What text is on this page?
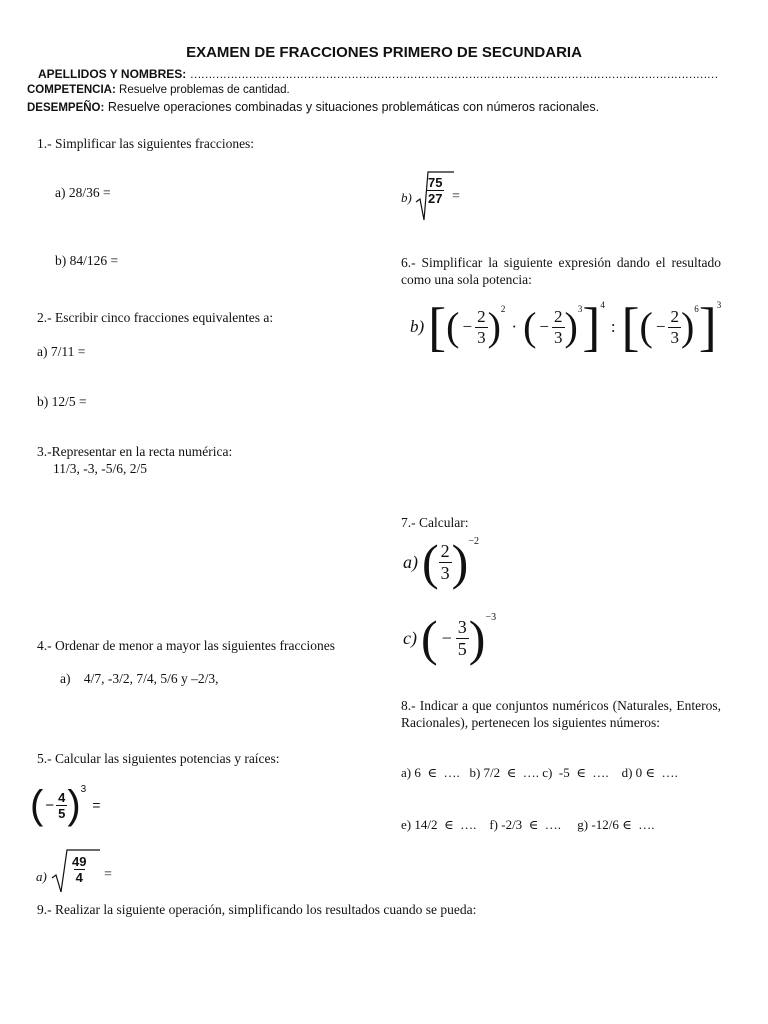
EXAMEN DE FRACCIONES PRIMERO DE SECUNDARIA
APELLIDOS Y NOMBRES: ………………………………………………………………………………………………………………………………
COMPETENCIA: Resuelve problemas de cantidad.
DESEMPEÑO: Resuelve operaciones combinadas y situaciones problemáticas con números racionales.
1.- Simplificar las siguientes fracciones:
a) 28/36 =
b) 84/126 =
2.- Escribir cinco fracciones equivalentes a:
a) 7/11 =
b) 12/5 =
3.-Representar en la recta numérica:
11/3, -3, -5/6, 2/5
4.- Ordenar de menor a mayor las siguientes fracciones
a) 4/7, -3/2, 7/4, 5/6 y –2/3,
5.- Calcular las siguientes potencias y raíces:
( − $\frac{4}{5}$ ) 3
=
$a) \frac{49}{4}$ =
$b) \frac{75}{27}$ =
6.- Simplificar la siguiente expresión dando el resultado como una sola potencia:
b) [ ( − $\frac{2}{3}$ ) 2
· ( − $\frac{2}{3}$ ) 3 ] 4
: [ ( − $\frac{2}{3}$ ) 6 ] 3
7.- Calcular:
a) ( $\frac{2}{3}$ ) −2
c) ( − $\frac{3}{5}$ ) −3
8.- Indicar a que conjuntos numéricos (Naturales, Enteros, Racionales), pertenecen los siguientes números:
a) 6  ∈  ….   b) 7/2  ∈  …. c)  -5  ∈  ….    d) 0 ∈  ….
e) 14/2  ∈  ….    f) -2/3  ∈  ….     g) -12/6 ∈  ….
9.- Realizar la siguiente operación, simplificando los resultados cuando se pueda:
